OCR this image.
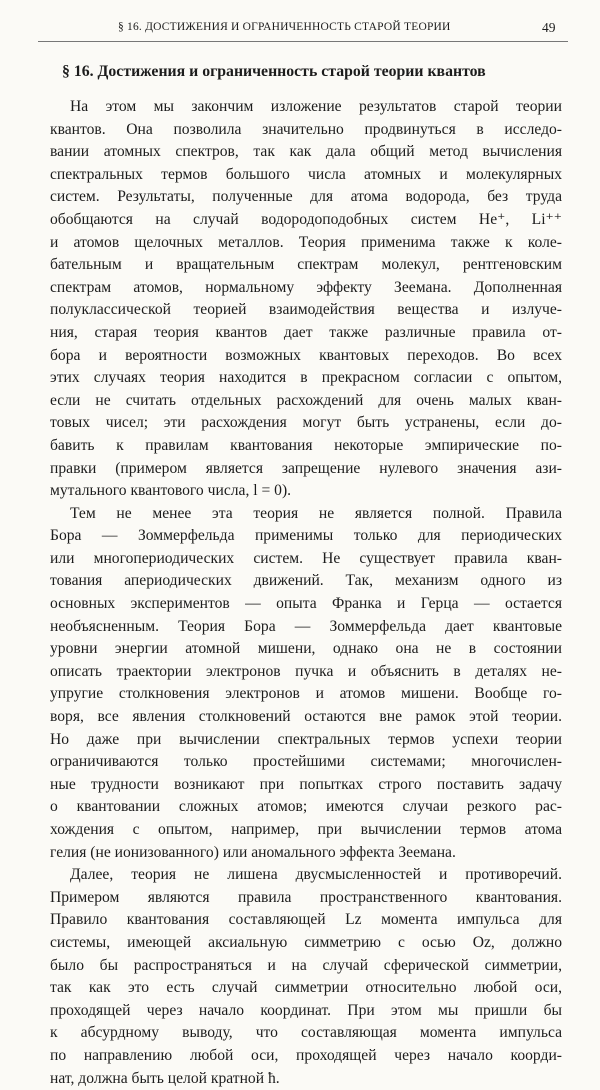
§ 16. ДОСТИЖЕНИЯ И ОГРАНИЧЕННОСТЬ СТАРОЙ ТЕОРИИ	49
§ 16. Достижения и ограниченность старой теории квантов
На этом мы закончим изложение результатов старой теории
квантов. Она позволила значительно продвинуться в исследо-
вании атомных спектров, так как дала общий метод вычисления
спектральных термов большого числа атомных и молекулярных
систем. Результаты, полученные для атома водорода, без труда
обобщаются на случай водородоподобных систем He⁺, Li⁺⁺
и атомов щелочных металлов. Теория применима также к коле-
бательным и вращательным спектрам молекул, рентгеновским
спектрам атомов, нормальному эффекту Зеемана. Дополненная
полуклассической теорией взаимодействия вещества и излуче-
ния, старая теория квантов дает также различные правила от-
бора и вероятности возможных квантовых переходов. Во всех
этих случаях теория находится в прекрасном согласии с опытом,
если не считать отдельных расхождений для очень малых кван-
товых чисел; эти расхождения могут быть устранены, если до-
бавить к правилам квантования некоторые эмпирические по-
правки (примером является запрещение нулевого значения ази-
мутального квантового числа, l = 0).
Тем не менее эта теория не является полной. Правила
Бора — Зоммерфельда применимы только для периодических
или многопериодических систем. Не существует правила кван-
тования апериодических движений. Так, механизм одного из
основных экспериментов — опыта Франка и Герца — остается
необъясненным. Теория Бора — Зоммерфельда дает квантовые
уровни энергии атомной мишени, однако она не в состоянии
описать траектории электронов пучка и объяснить в деталях не-
упругие столкновения электронов и атомов мишени. Вообще го-
воря, все явления столкновений остаются вне рамок этой теории.
Но даже при вычислении спектральных термов успехи теории
ограничиваются только простейшими системами; многочислен-
ные трудности возникают при попытках строго поставить задачу
о квантовании сложных атомов; имеются случаи резкого рас-
хождения с опытом, например, при вычислении термов атома
гелия (не ионизованного) или аномального эффекта Зеемана.
Далее, теория не лишена двусмысленностей и противоречий.
Примером являются правила пространственного квантования.
Правило квантования составляющей Lz момента импульса для
системы, имеющей аксиальную симметрию с осью Oz, должно
было бы распространяться и на случай сферической симметрии,
так как это есть случай симметрии относительно любой оси,
проходящей через начало координат. При этом мы пришли бы
к абсурдному выводу, что составляющая момента импульса
по направлению любой оси, проходящей через начало коорди-
нат, должна быть целой кратной ħ.
